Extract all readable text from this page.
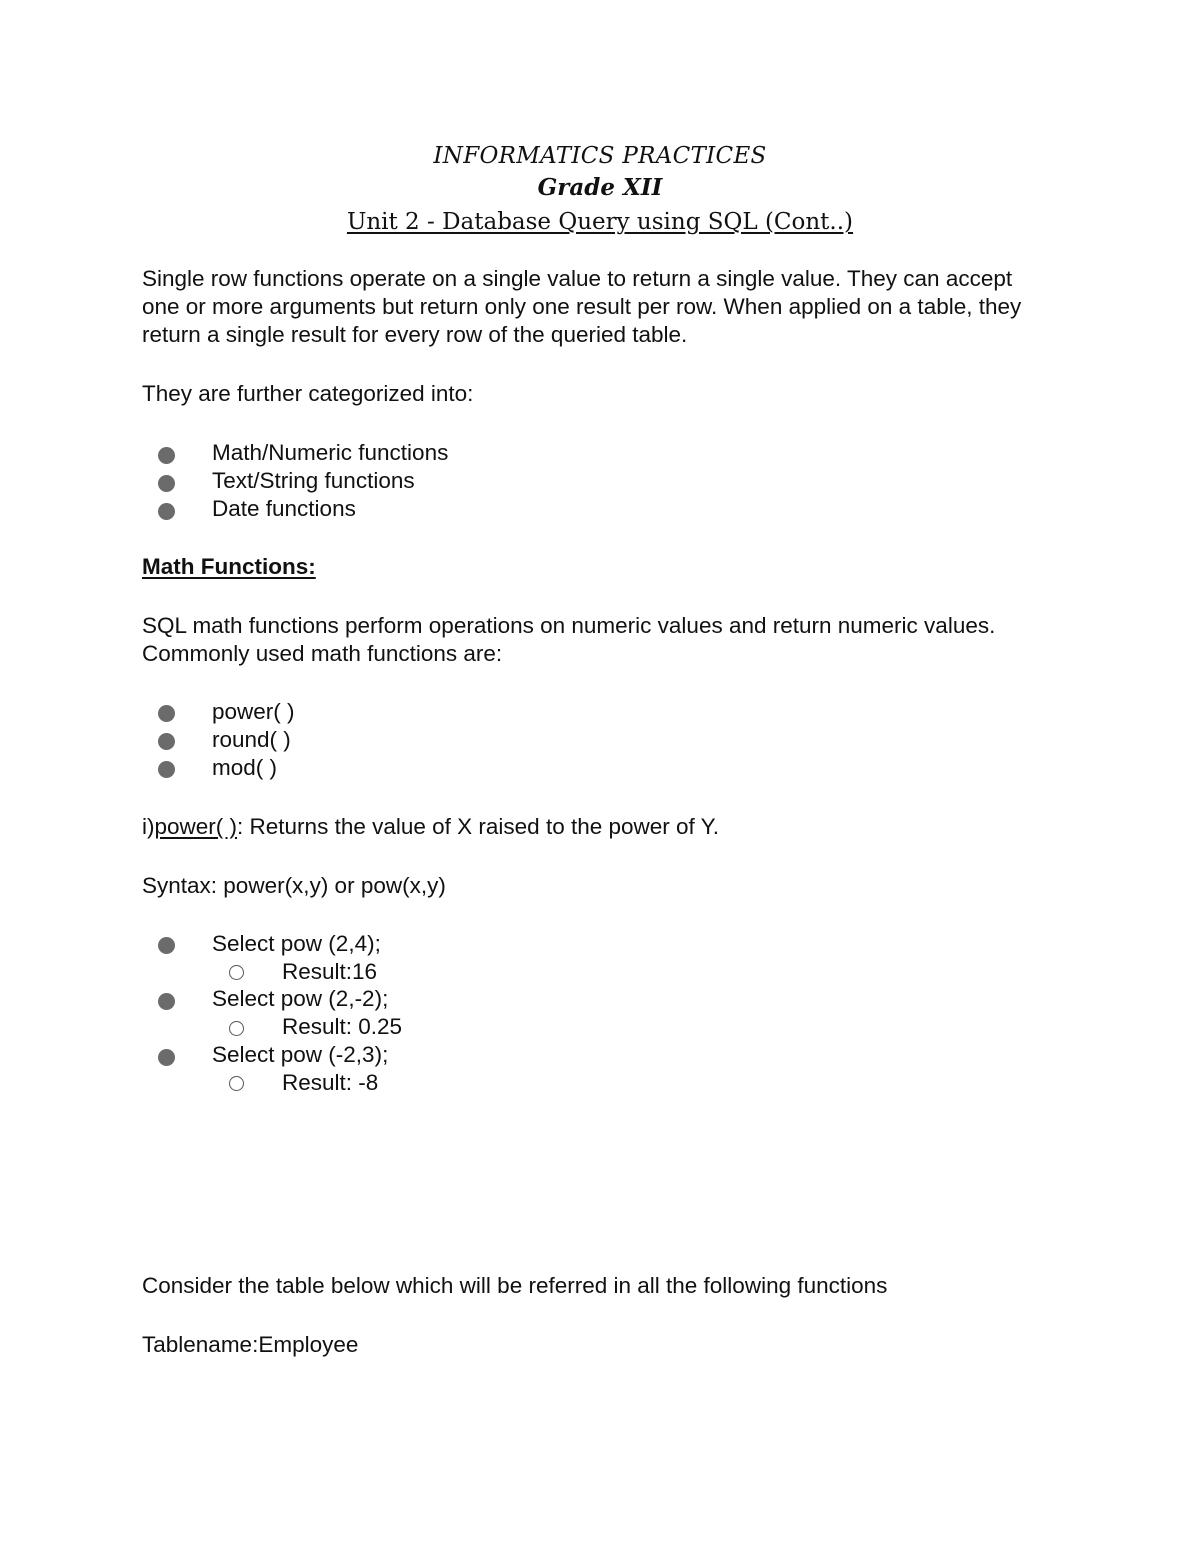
INFORMATICS PRACTICES
Grade XII
Unit 2 - Database Query using SQL (Cont..)
Single row functions operate on a single value to return a single value. They can accept
one or more arguments but return only one result per row. When applied on a table, they
return a single result for every row of the queried table.
They are further categorized into:
Math/Numeric functions
Text/String functions
Date functions
Math Functions:
SQL math functions perform operations on numeric values and return numeric values.
Commonly used math functions are:
power( )
round( )
mod( )
i)power( ): Returns the value of X raised to the power of Y.
Syntax: power(x,y) or pow(x,y)
Select pow (2,4);
Result:16
Select pow (2,-2);
Result: 0.25
Select pow (-2,3);
Result: -8
Consider the table below which will be referred in all the following functions
Tablename:Employee
